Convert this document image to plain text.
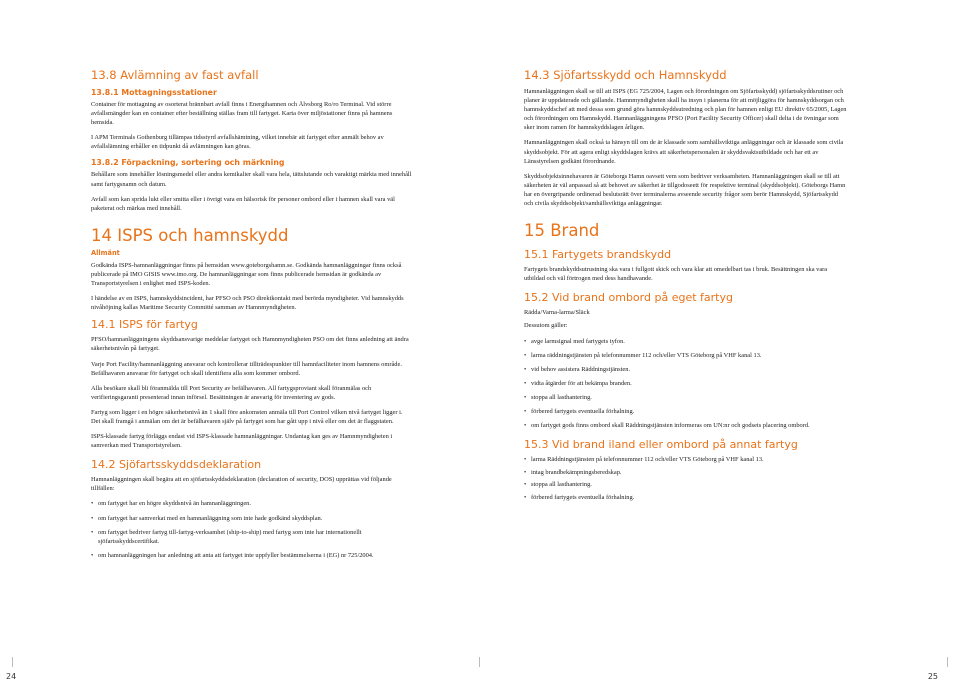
13.8 Avlämning av fast avfall
13.8.1 Mottagningsstationer

Container för mottagning av osorterat brännbart avfall finns i Energihamnen och Älvsborg Ro/ro Terminal. Vid större avfallsmängder kan en container efter beställning ställas fram till fartyget. Karta över miljöstationer finns på hamnens hemsida.

I APM Terminals Gothenburg tillämpas tidsstyrd avfallshämtning, vilket innebär att fartyget efter anmält behov av avfallslämning erhåller en tidpunkt då avlämningen kan göras.

13.8.2 Förpackning, sortering och märkning

Behållare som innehåller lösningsmedel eller andra kemikalier skall vara hela, tättslutande och varaktigt märkta med innehåll samt fartygsnamn och datum.

Avfall som kan sprida lukt eller smitta eller i övrigt vara en hälsorisk för personer ombord eller i hamnen skall vara väl paketerat och märkas med innehåll.

14 ISPS och hamnskydd
Allmänt

Godkända ISPS-hamnanläggningar finns på hemsidan www.goteborgshamn.se. Godkända hamnanläggningar finns också publicerade på IMO GISIS www.imo.org. De hamnanläggningar som finns publicerade hemsidan är godkända av Transportstyrelsen i enlighet med ISPS-koden.

I händelse av en ISPS, hamnskyddsincident, har PFSO och PSO direktkontakt med berörda myndigheter. Vid hamnskydds nivåhöjning kallas Maritime Security Committé samman av Hamnmyndigheten.

14.1 ISPS för fartyg

PFSO/hamnanläggningens skyddsansvarige meddelar fartyget och Hamnmyndigheten PSO om det finns anledning att ändra säkerhetsnivån på fartyget.

Varje Port Facility/hamnanläggning ansvarar och kontrollerar tillträdespunkter till hamnfaciliteter inom hamnens område. Befälhavaren ansvarar för fartyget och skall identifiera alla som kommer ombord.

Alla besökare skall bli föranmälda till Port Security av befälhavaren. All fartygsproviant skall föranmälas och verifieringsgaranti presenterad innan införsel. Besättningen är ansvarig för inventering av gods.

Fartyg som ligger i en högre säkerhetsnivå än 1 skall före ankomsten anmäla till Port Control vilken nivå fartyget ligger i. Det skall framgå i anmälan om det är befälhavaren själv på fartyget som har gått upp i nivå eller om det är flaggstaten.

ISPS-klassade fartyg förläggs endast vid ISPS-klassade hamnanläggningar. Undantag kan ges av Hamnmyndigheten i samverkan med Transportstyrelsen.

14.2 Sjöfartsskyddsdeklaration

Hamnanläggningen skall begära att en sjöfartsskyddsdeklaration (declaration of security, DOS) upprättas vid följande tillfällen:

• om fartyget har en högre skyddsnivå än hamnanläggningen.
• om fartyget har samverkat med en hamnanläggning som inte hade godkänd skyddsplan.
• om fartyget bedriver fartyg till-fartyg-verksamhet (ship-to-ship) med fartyg som inte har internationellt sjöfartsskyddscertifikat.
• om hamnanläggningen har anledning att anta att fartyget inte uppfyller bestämmelserna i (EG) nr 725/2004.
14.3 Sjöfartsskydd och Hamnskydd

Hamnanläggningen skall se till att ISPS (EG 725/2004, Lagen och förordningen om Sjöfartsskydd) sjöfartsskyddsrutiner och planer är uppdaterade och gällande. Hamnmyndigheten skall ha insyn i planerna för att möjliggöra för hamnskyddsorgan och hamnskyddschef att med dessa som grund göra hamnskyddsutredning och plan för hamnen enligt EU direktiv 65/2005, Lagen och förordningen om Hamnskydd. Hamnanläggningens PFSO (Port Facility Security Officer) skall delta i de övningar som sker inom ramen för hamnskyddslagen årligen.

Hamnanläggningen skall också ta hänsyn till om de är klassade som samhällsviktiga anläggningar och är klassade som civila skyddsobjekt. För att agera enligt skyddslagen krävs att säkerhetspersonalen är skyddsvaktsutbildade och har ett av Länsstyrelsen godkänt förordnande.

Skyddsobjektsinnehavaren är Göteborgs Hamn oavsett vem som bedriver verksamheten. Hamnanläggningen skall se till att säkerheten är väl anpassad så att behovet av säkerhet är tillgodoseett för respektive terminal (skyddsobjekt). Göteborgs Hamn har en övergripande ordinerad beslutsrätt över terminalerna avseende security frågor som berör Hamnskydd, Sjöfartsskydd och civila skyddsobjekt/samhällsviktiga anläggningar.

15 Brand
15.1 Fartygets brandskydd

Fartygets brandskyddsutrustning ska vara i fullgott skick och vara klar att omedelbart tas i bruk. Besättningen ska vara utbildad och väl förtrogen med dess handhavande.

15.2 Vid brand ombord på eget fartyg

Rädda/Varna-larma/Släck

Dessutom gäller:

• avge larmsignal med fartygets tyfon.
• larma räddningstjänsten på telefonnummer 112 och/eller VTS Göteborg på VHF kanal 13.
• vid behov assistera Räddningstjänsten.
• vidta åtgärder för att bekämpa branden.
• stoppa all lasthantering.
• förbered fartygets eventuella förhalning.
• om fartyget gods finns ombord skall Räddningstjänsten informeras om UN:nr och godsets placering ombord.
15.3 Vid brand iland eller ombord på annat fartyg
• larma Räddningstjänsten på telefonnummer 112 och/eller VTS Göteborg på VHF kanal 13.
• intag brandbekämpningsberedskap.
• stoppa all lasthantering.
• förbered fartygets eventuella förhalning.
24	25
